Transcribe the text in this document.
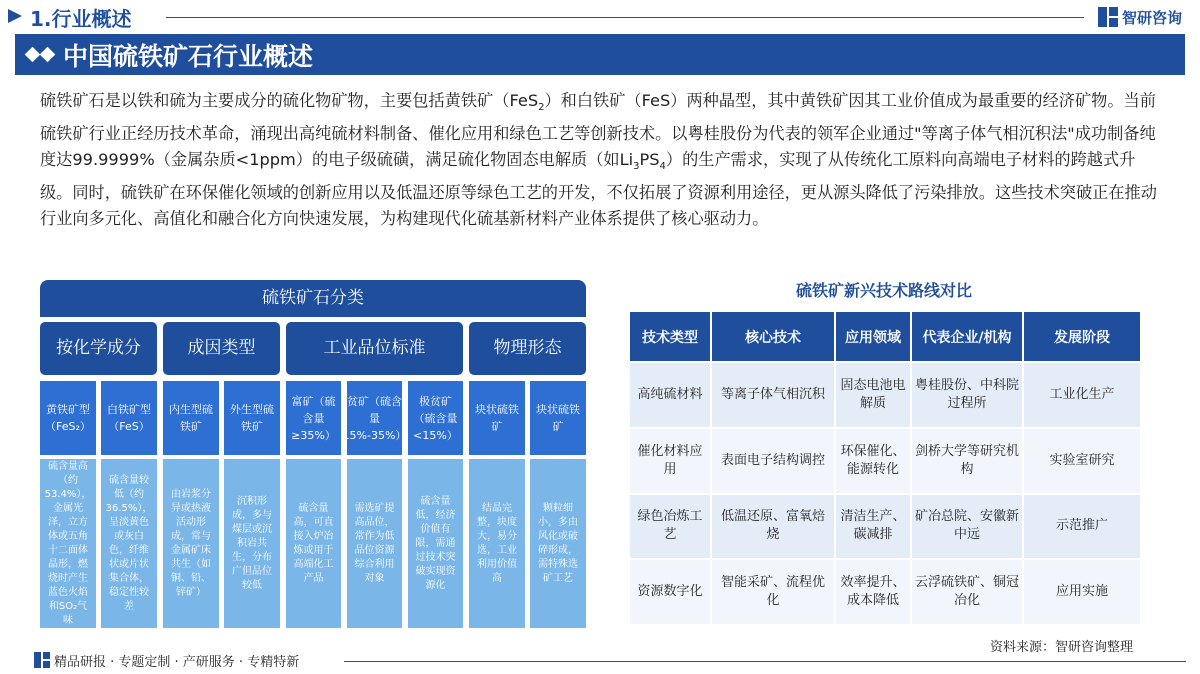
1.行业概述	智研咨询
中国硫铁矿石行业概述

硫铁矿石是以铁和硫为主要成分的硫化物矿物，主要包括黄铁矿（FeS$_2$）和白铁矿（FeS）两种晶型，其中黄铁矿因其工业价值成为最重要的经济矿物。当前硫铁矿行业正经历技术革命，涌现出高纯硫材料制备、催化应用和绿色工艺等创新技术。以粤桂股份为代表的领军企业通过"等离子体气相沉积法"成功制备纯度达99.9999%（金属杂质<1ppm）的电子级硫磺，满足硫化物固态电解质（如$Li_3PS_4$）的生产需求，实现了从传统化工原料向高端电子材料的跨越式升级。同时，硫铁矿在环保催化领域的创新应用以及低温还原等绿色工艺的开发，不仅拓展了资源利用途径，更从源头降低了污染排放。这些技术突破正在推动行业向多元化、高值化和融合化方向快速发展，为构建现代化硫基新材料产业体系提供了核心驱动力。

硫铁矿石分类
按化学成分	成因类型	工业品位标准	物理形态
黄铁矿型（FeS₂）
白铁矿型（FeS）
内生型硫铁矿
外生型硫铁矿
富矿（硫含量≥35%）
贫矿（硫含量15%-35%）
极贫矿（硫含量<15%）
块状硫铁矿
块状硫铁矿
硫含量高（约53.4%），金属光泽，立方体或五角十二面体晶形，燃烧时产生蓝色火焰和SO₂气味
硫含量较低（约36.5%），呈淡黄色或灰白色，纤维状或片状集合体，稳定性较差
由岩浆分异或热液活动形成，常与金属矿床共生（如铜、铅、锌矿）
沉积形成，多与煤层或沉积岩共生，分布广但品位较低
硫含量高，可直接入炉冶炼或用于高端化工产品
需选矿提高品位，常作为低品位资源综合利用对象
硫含量低，经济价值有限，需通过技术突破实现资源化
结晶完整，块度大，易分选，工业利用价值高
颗粒细小，多由风化或破碎形成，需特殊选矿工艺
硫铁矿新兴技术路线对比
技术类型	核心技术	应用领域	代表企业/机构	发展阶段
高纯硫材料	等离子体气相沉积	固态电池电解质	粤桂股份、中科院过程所	工业化生产
催化材料应用	表面电子结构调控	环保催化、能源转化	剑桥大学等研究机构	实验室研究
绿色冶炼工艺	低温还原、富氧焙烧	清洁生产、碳减排	矿冶总院、安徽新中远	示范推广
资源数字化	智能采矿、流程优化	效率提升、成本降低	云浮硫铁矿、铜冠冶化	应用实施
资料来源：智研咨询整理
精品研报 · 专题定制 · 产研服务 · 专精特新
